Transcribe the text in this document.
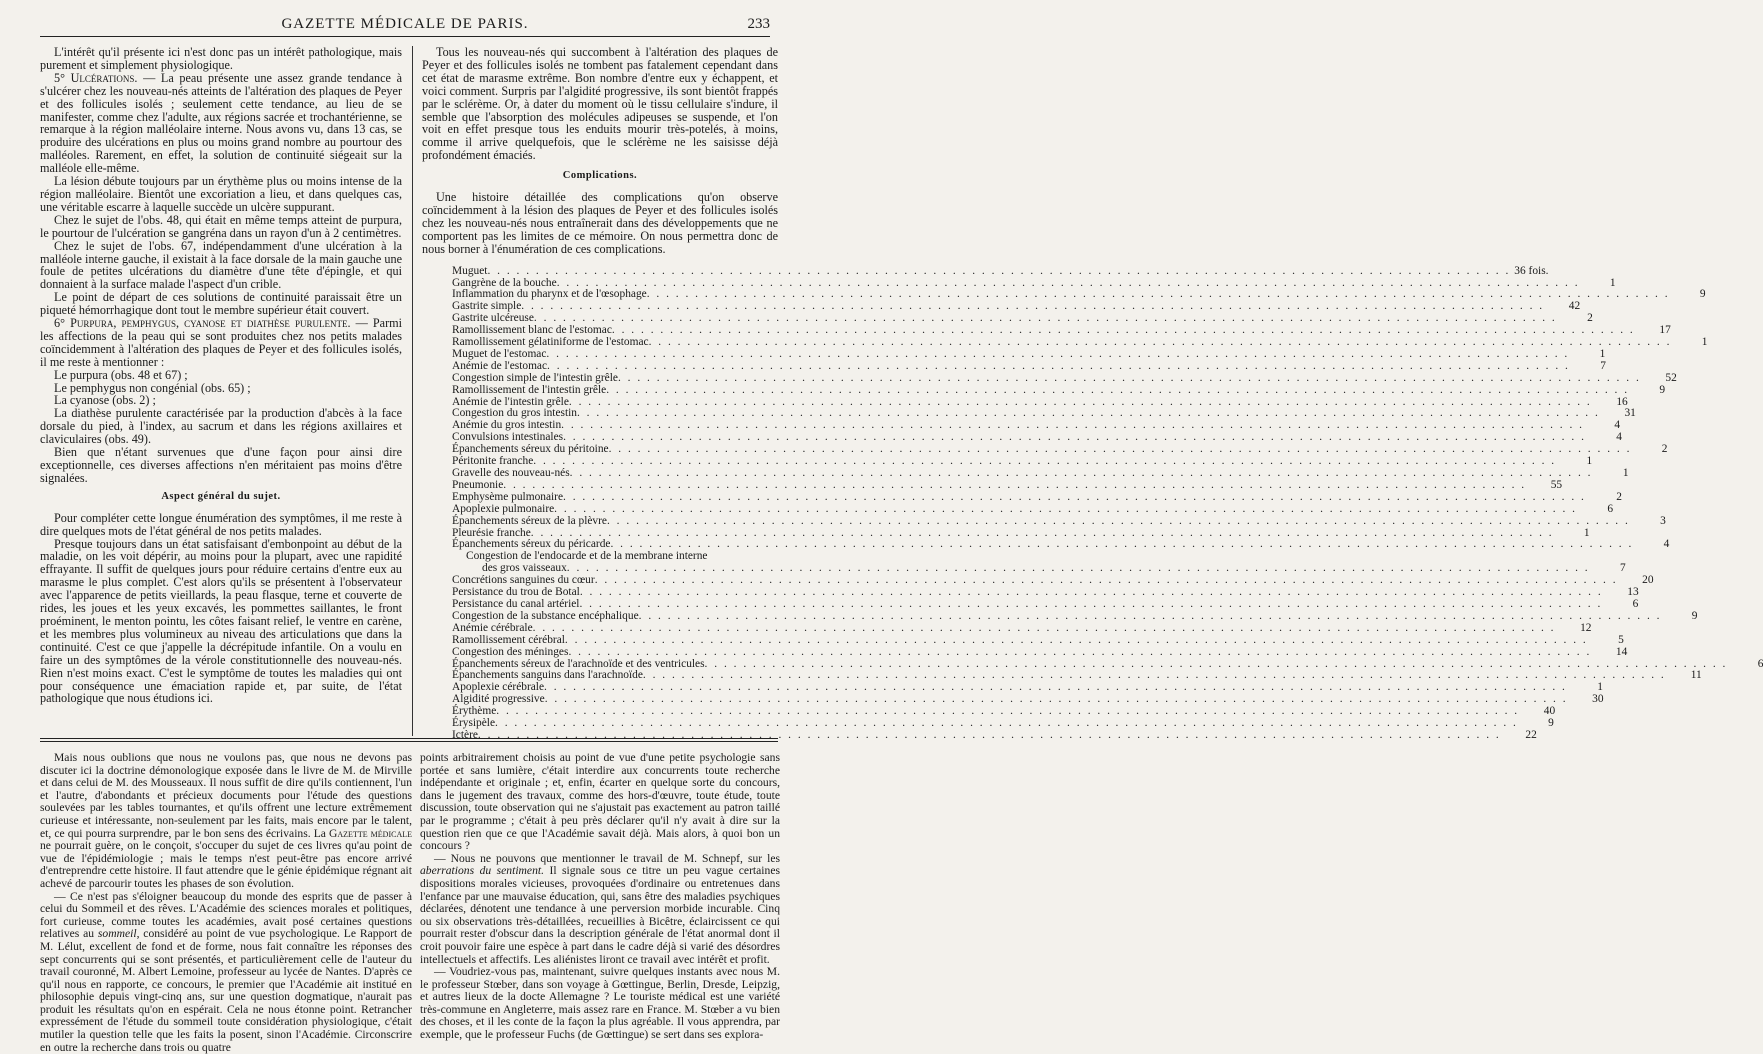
GAZETTE MÉDICALE DE PARIS.	233

L'intérêt qu'il présente ici n'est donc pas un intérêt pathologique, mais purement et simplement physiologique.

5° Ulcérations. — La peau présente une assez grande tendance à s'ulcérer chez les nouveau-nés atteints de l'altération des plaques de Peyer et des follicules isolés ; seulement cette tendance, au lieu de se manifester, comme chez l'adulte, aux régions sacrée et trochantérienne, se remarque à la région malléolaire interne. Nous avons vu, dans 13 cas, se produire des ulcérations en plus ou moins grand nombre au pourtour des malléoles. Rarement, en effet, la solution de continuité siégeait sur la malléole elle-même.

La lésion débute toujours par un érythème plus ou moins intense de la région malléolaire. Bientôt une excoriation a lieu, et dans quelques cas, une véritable escarre à laquelle succède un ulcère suppurant.

Chez le sujet de l'obs. 48, qui était en même temps atteint de purpura, le pourtour de l'ulcération se gangréna dans un rayon d'un à 2 centimètres.

Chez le sujet de l'obs. 67, indépendamment d'une ulcération à la malléole interne gauche, il existait à la face dorsale de la main gauche une foule de petites ulcérations du diamètre d'une tête d'épingle, et qui donnaient à la surface malade l'aspect d'un crible.

Le point de départ de ces solutions de continuité paraissait être un piqueté hémorrhagique dont tout le membre supérieur était couvert.

6° Purpura, pemphygus, cyanose et diathèse purulente. — Parmi les affections de la peau qui se sont produites chez nos petits malades coïncidemment à l'altération des plaques de Peyer et des follicules isolés, il me reste à mentionner :

Le purpura (obs. 48 et 67) ;

Le pemphygus non congénial (obs. 65) ;

La cyanose (obs. 2) ;

La diathèse purulente caractérisée par la production d'abcès à la face dorsale du pied, à l'index, au sacrum et dans les régions axillaires et claviculaires (obs. 49).

Bien que n'étant survenues que d'une façon pour ainsi dire exceptionnelle, ces diverses affections n'en méritaient pas moins d'être signalées.

Aspect général du sujet.

Pour compléter cette longue énumération des symptômes, il me reste à dire quelques mots de l'état général de nos petits malades.

Presque toujours dans un état satisfaisant d'embonpoint au début de la maladie, on les voit dépérir, au moins pour la plupart, avec une rapidité effrayante. Il suffit de quelques jours pour réduire certains d'entre eux au marasme le plus complet. C'est alors qu'ils se présentent à l'observateur avec l'apparence de petits vieillards, la peau flasque, terne et couverte de rides, les joues et les yeux excavés, les pommettes saillantes, le front proéminent, le menton pointu, les côtes faisant relief, le ventre en carène, et les membres plus volumineux au niveau des articulations que dans la continuité. C'est ce que j'appelle la décrépitude infantile. On a voulu en faire un des symptômes de la vérole constitutionnelle des nouveau-nés. Rien n'est moins exact. C'est le symptôme de toutes les maladies qui ont pour conséquence une émaciation rapide et, par suite, de l'état pathologique que nous étudions ici.

Tous les nouveau-nés qui succombent à l'altération des plaques de Peyer et des follicules isolés ne tombent pas fatalement cependant dans cet état de marasme extrême. Bon nombre d'entre eux y échappent, et voici comment. Surpris par l'algidité progressive, ils sont bientôt frappés par le sclérème. Or, à dater du moment où le tissu cellulaire s'indure, il semble que l'absorption des molécules adipeuses se suspende, et l'on voit en effet presque tous les enduits mourir très-potelés, à moins, comme il arrive quelquefois, que le sclérème ne les saisisse déjà profondément émaciés.

Complications.

Une histoire détaillée des complications qu'on observe coïncidemment à la lésion des plaques de Peyer et des follicules isolés chez les nouveau-nés nous entraînerait dans des développements que ne comportent pas les limites de ce mémoire. On nous permettra donc de nous borner à l'énumération de ces complications.

Muguet . . .	36 fois.
Gangrène de la bouche . . .	1
Inflammation du pharynx et de l'œsophage . . .	9
Gastrite simple . . .	42
Gastrite ulcéreuse . . .	2
Ramollissement blanc de l'estomac . . .	17
Ramollissement gélatiniforme de l'estomac . . .	1
Muguet de l'estomac . . .	1
Anémie de l'estomac . . .	7
Congestion simple de l'intestin grêle . . .	52
Ramollissement de l'intestin grêle . . .	9
Anémie de l'intestin grêle . . .	16
Congestion du gros intestin . . .	31
Anémie du gros intestin . . .	4
Convulsions intestinales . . .	4
Épanchements séreux du péritoine . . .	2
Péritonite franche . . .	1
Gravelle des nouveau-nés . . .	1
Pneumonie . . .	55
Emphysème pulmonaire . . .	2
Apoplexie pulmonaire . . .	6
Épanchements séreux de la plèvre . . .	3
Pleurésie franche . . .	1
Épanchements séreux du péricarde . . .	4
Congestion de l'endocarde et de la membrane interne
des gros vaisseaux . . .	7
Concrétions sanguines du cœur . . .	20
Persistance du trou de Botal . . .	13
Persistance du canal artériel . . .	6
Congestion de la substance encéphalique . . .	9
Anémie cérébrale . . .	12
Ramollissement cérébral . . .	5
Congestion des méninges . . .	14
Épanchements séreux de l'arachnoïde et des ventricules . . .	6
Épanchements sanguins dans l'arachnoïde . . .	11
Apoplexie cérébrale . . .	1
Algidité progressive . . .	30
Érythème . . .	40
Érysipèle . . .	9
Ictère . . .	22

Mais nous oublions que nous ne voulons pas, que nous ne devons pas discuter ici la doctrine démonologique exposée dans le livre de M. de Mirville et dans celui de M. des Mousseaux. Il nous suffit de dire qu'ils contiennent, l'un et l'autre, d'abondants et précieux documents pour l'étude des questions soulevées par les tables tournantes, et qu'ils offrent une lecture extrêmement curieuse et intéressante, non-seulement par les faits, mais encore par le talent, et, ce qui pourra surprendre, par le bon sens des écrivains. La Gazette médicale ne pourrait guère, on le conçoit, s'occuper du sujet de ces livres qu'au point de vue de l'épidémiologie ; mais le temps n'est peut-être pas encore arrivé d'entreprendre cette histoire. Il faut attendre que le génie épidémique régnant ait achevé de parcourir toutes les phases de son évolution.

— Ce n'est pas s'éloigner beaucoup du monde des esprits que de passer à celui du Sommeil et des rêves. L'Académie des sciences morales et politiques, fort curieuse, comme toutes les académies, avait posé certaines questions relatives au sommeil, considéré au point de vue psychologique. Le Rapport de M. Lélut, excellent de fond et de forme, nous fait connaître les réponses des sept concurrents qui se sont présentés, et particulièrement celle de l'auteur du travail couronné, M. Albert Lemoine, professeur au lycée de Nantes. D'après ce qu'il nous en rapporte, ce concours, le premier que l'Académie ait institué en philosophie depuis vingt-cinq ans, sur une question dogmatique, n'aurait pas produit les résultats qu'on en espérait. Cela ne nous étonne point. Retrancher expressément de l'étude du sommeil toute considération physiologique, c'était mutiler la question telle que les faits la posent, sinon l'Académie. Circonscrire en outre la recherche dans trois ou quatre

points arbitrairement choisis au point de vue d'une petite psychologie sans portée et sans lumière, c'était interdire aux concurrents toute recherche indépendante et originale ; et, enfin, écarter en quelque sorte du concours, dans le jugement des travaux, comme des hors-d'œuvre, toute étude, toute discussion, toute observation qui ne s'ajustait pas exactement au patron taillé par le programme ; c'était à peu près déclarer qu'il n'y avait à dire sur la question rien que ce que l'Académie savait déjà. Mais alors, à quoi bon un concours ?

— Nous ne pouvons que mentionner le travail de M. Schnepf, sur les aberrations du sentiment. Il signale sous ce titre un peu vague certaines dispositions morales vicieuses, provoquées d'ordinaire ou entretenues dans l'enfance par une mauvaise éducation, qui, sans être des maladies psychiques déclarées, dénotent une tendance à une perversion morbide incurable. Cinq ou six observations très-détaillées, recueillies à Bicêtre, éclaircissent ce qui pourrait rester d'obscur dans la description générale de l'état anormal dont il croit pouvoir faire une espèce à part dans le cadre déjà si varié des désordres intellectuels et affectifs. Les aliénistes liront ce travail avec intérêt et profit.

— Voudriez-vous pas, maintenant, suivre quelques instants avec nous M. le professeur Stœber, dans son voyage à Gœttingue, Berlin, Dresde, Leipzig, et autres lieux de la docte Allemagne ? Le touriste médical est une variété très-commune en Angleterre, mais assez rare en France. M. Stœber a vu bien des choses, et il les conte de la façon la plus agréable. Il vous apprendra, par exemple, que le professeur Fuchs (de Gœttingue) se sert dans ses explora-
